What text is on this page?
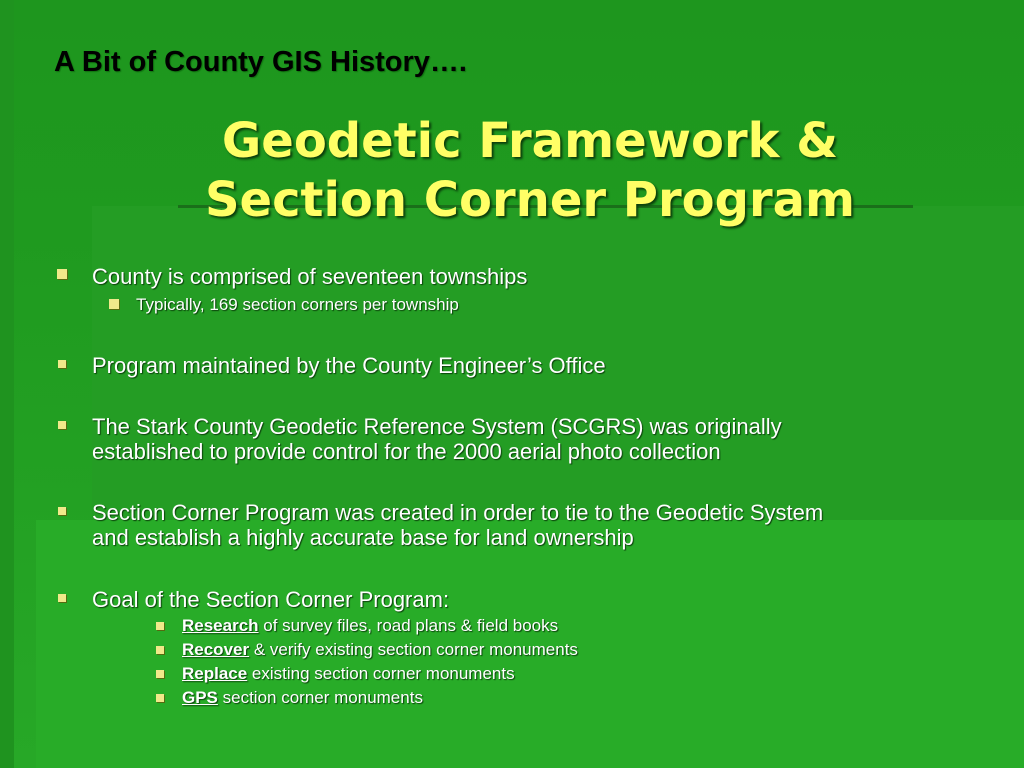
A Bit of County GIS History….
Geodetic Framework &
Section Corner Program
County is comprised of seventeen townships
Typically, 169 section corners per township
Program maintained by the County Engineer’s Office
The Stark County Geodetic Reference System (SCGRS) was originally
established to provide control for the 2000 aerial photo collection
Section Corner Program was created in order to tie to the Geodetic System
and establish a highly accurate base for land ownership
Goal of the Section Corner Program:
Research of survey files, road plans & field books
Recover & verify existing section corner monuments
Replace existing section corner monuments
GPS section corner monuments
